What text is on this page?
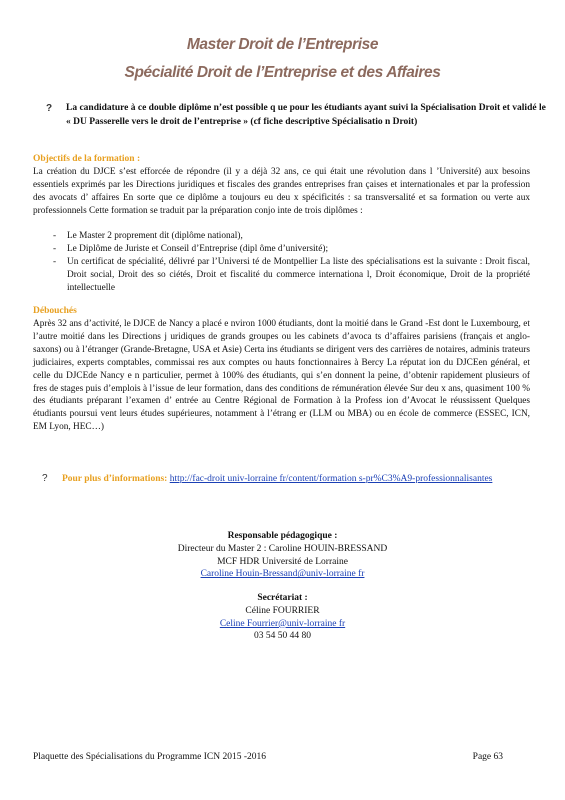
Master Droit de l’Entreprise
Spécialité Droit de l’Entreprise et des Affaires
? La candidature à ce double diplôme n’est possible q ue pour les étudiants ayant suivi la Spécialisation Droit et validé le « DU Passerelle vers le droit de l’entreprise » (cf fiche descriptive Spécialisatio n Droit)

Objectifs de la formation :

La création du DJCE s’est efforcée de répondre (il y a déjà 32 ans, ce qui était une révolution dans l ’Université) aux besoins essentiels exprimés par les Directions juridiques et fiscales des grandes entreprises fran çaises et internationales et par la profession des avocats d’ affaires En sorte que ce diplôme a toujours eu deu x spécificités : sa transversalité et sa formation ou verte aux professionnels Cette formation se traduit par la préparation conjo inte de trois diplômes :

- Le Master 2 proprement dit (diplôme national),
- Le Diplôme de Juriste et Conseil d’Entreprise (dipl ôme d’université);
- Un certificat de spécialité, délivré par l’Universi té de Montpellier La liste des spécialisations est la suivante : Droit fiscal, Droit social, Droit des so ciétés, Droit et fiscalité du commerce internationa l, Droit économique, Droit de la propriété intellectuelle
Débouchés

Après 32 ans d’activité, le DJCE de Nancy a placé e nviron 1000 étudiants, dont la moitié dans le Grand -Est dont le Luxembourg, et l’autre moitié dans les Directions j uridiques de grands groupes ou les cabinets d’avoca ts d’affaires parisiens (français et anglo-saxons) ou à l’étranger (Grande-Bretagne, USA et Asie) Certa ins étudiants se dirigent vers des carrières de notaires, adminis trateurs judiciaires, experts comptables, commissai res aux comptes ou hauts fonctionnaires à Bercy La réputat ion du DJCEen général, et celle du DJCEde Nancy e n particulier, permet à 100% des étudiants, qui s’en donnent la peine, d’obtenir rapidement plusieurs of fres de stages puis d’emplois à l’issue de leur formation, dans des conditions de rémunération élevée Sur deu x ans, quasiment 100 % des étudiants préparant l’examen d’ entrée au Centre Régional de Formation à la Profess ion d’Avocat le réussissent Quelques étudiants poursui vent leurs études supérieures, notamment à l’étrang er (LLM ou MBA) ou en école de commerce (ESSEC, ICN, EM Lyon, HEC…)

? Pour plus d’informations: http://fac-droit univ-lorraine fr/content/formation s-pr%C3%A9-professionnalisantes
Responsable pédagogique :
Directeur du Master 2 : Caroline HOUIN-BRESSAND
MCF HDR Université de Lorraine
Caroline Houin-Bressand@univ-lorraine fr
Secrétariat :
Céline FOURRIER
Celine Fourrier@univ-lorraine fr
03 54 50 44 80
Plaquette des Spécialisations du Programme ICN 2015 -2016	Page 63
